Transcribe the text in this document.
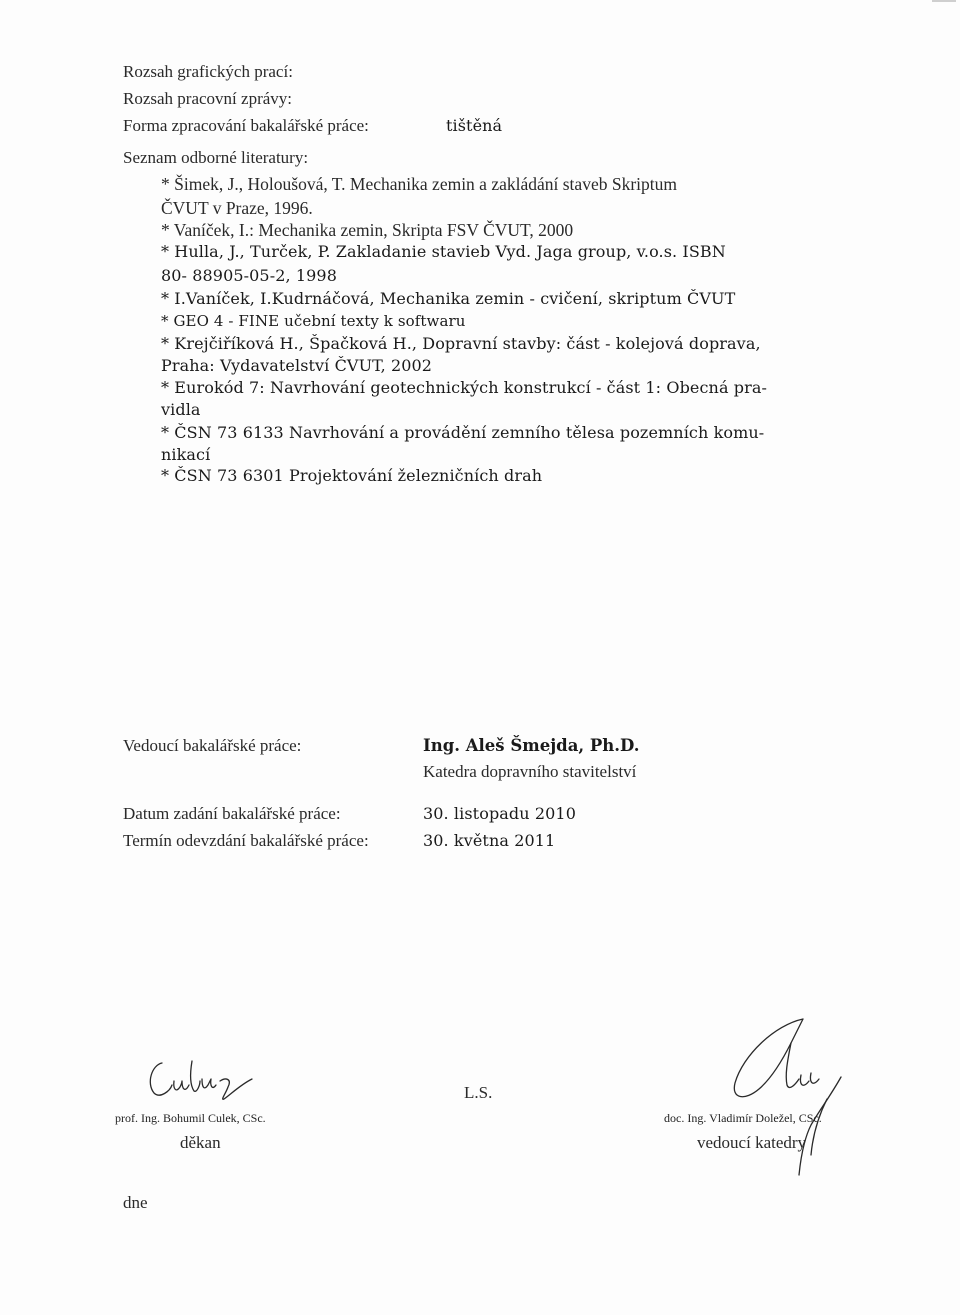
Rozsah grafických prací:
Rozsah pracovní zprávy:
Forma zpracování bakalářské práce:	tištěná
Seznam odborné literatury:
* Šimek, J., Holoušová, T. Mechanika zemin a zakládání staveb Skriptum
ČVUT v Praze, 1996.
* Vaníček, I.: Mechanika zemin, Skripta FSV ČVUT, 2000
* Hulla, J., Turček, P. Zakladanie stavieb Vyd. Jaga group, v.o.s. ISBN
80- 88905-05-2, 1998
* I.Vaníček, I.Kudrnáčová, Mechanika zemin - cvičení, skriptum ČVUT
* GEO 4 - FINE učební texty k softwaru
* Krejčiříková H., Špačková H., Dopravní stavby: část - kolejová doprava,
Praha: Vydavatelství ČVUT, 2002
* Eurokód 7: Navrhování geotechnických konstrukcí - část 1: Obecná pra-
vidla
* ČSN 73 6133 Navrhování a provádění zemního tělesa pozemních komu-
nikací
* ČSN 73 6301 Projektování železničních drah
Vedoucí bakalářské práce:	Ing. Aleš Šmejda, Ph.D.
Katedra dopravního stavitelství
Datum zadání bakalářské práce:	30. listopadu 2010
Termín odevzdání bakalářské práce:	30. května 2011
prof. Ing. Bohumil Culek, CSc.
děkan
L.S.
doc. Ing. Vladimír Doležel, CSc.
vedoucí katedry
dne
